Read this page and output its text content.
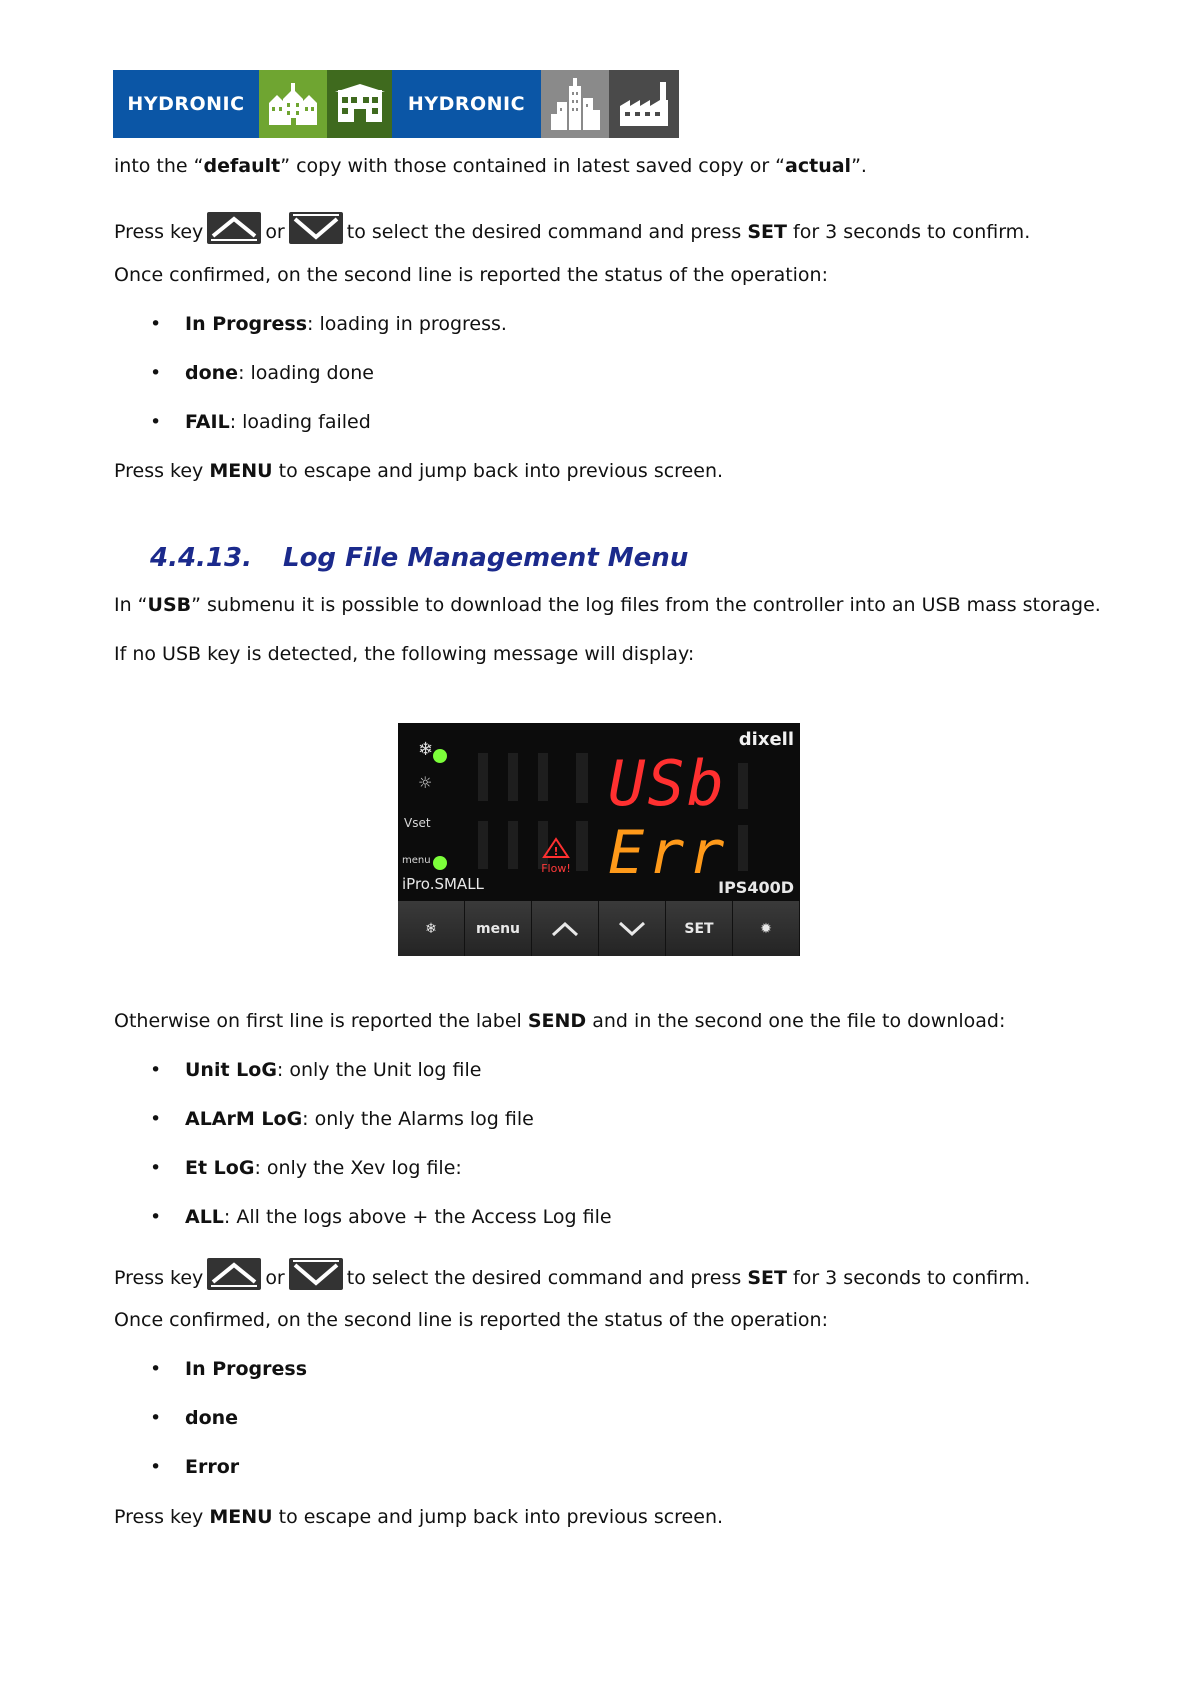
HYDRONIC	HYDRONIC
into the “default” copy with those contained in latest saved copy or “actual”.
Press key	or	to select the desired command and press SET for 3 seconds to confirm.
Once confirmed, on the second line is reported the status of the operation:
• In Progress: loading in progress.
• done: loading done
• FAIL: loading failed
Press key MENU to escape and jump back into previous screen.
4.4.13. Log File Management Menu
In “USB” submenu it is possible to download the log files from the controller into an USB mass storage.
If no USB key is detected, the following message will display:
❄
☼
Vset
menu
iPro.SMALL	IPS400D
dixell
!
Flow!
USb
Err
❄	menu	SET	✹
Otherwise on first line is reported the label SEND and in the second one the file to download:
• Unit LoG: only the Unit log file
• ALArM LoG: only the Alarms log file
• Et LoG: only the Xev log file:
• ALL: All the logs above + the Access Log file
Press key	or	to select the desired command and press SET for 3 seconds to confirm.
Once confirmed, on the second line is reported the status of the operation:
• In Progress
• done
• Error
Press key MENU to escape and jump back into previous screen.
